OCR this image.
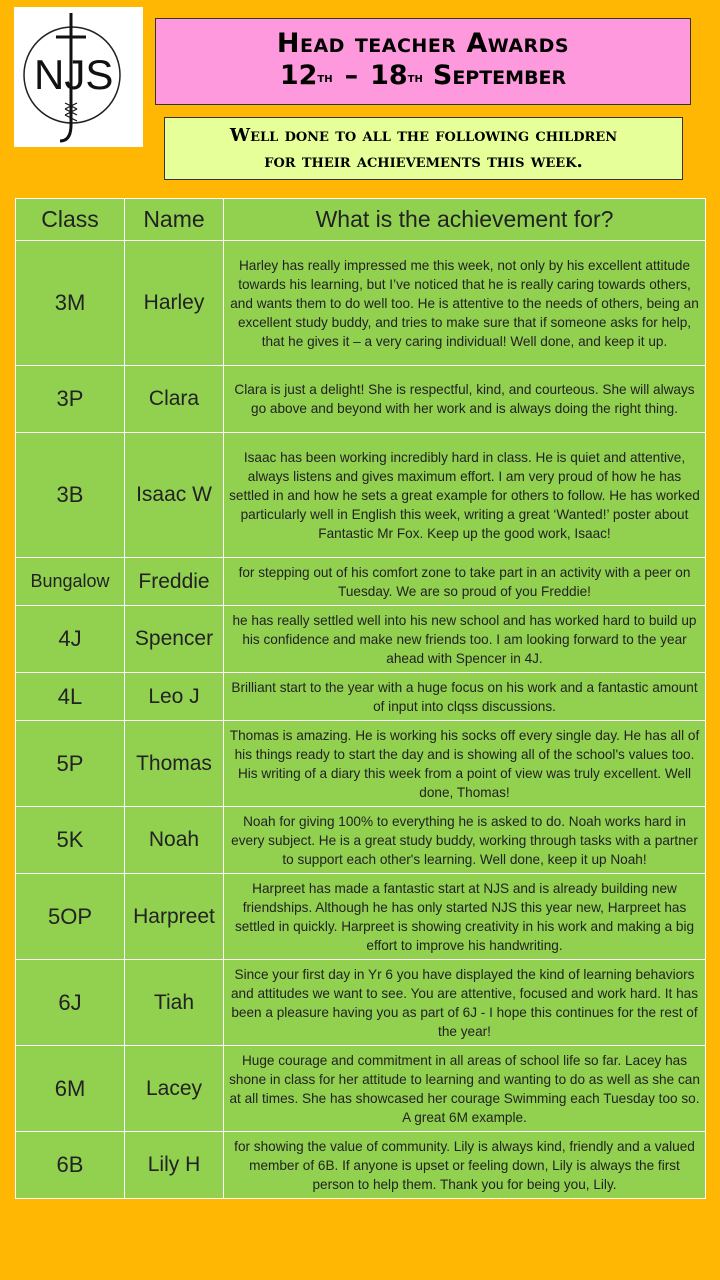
NJS
Head teacher Awards
12th – 18th September
Well done to all the following children
for their achievements this week.
Class	Name	What is the achievement for?
3M	Harley	Harley has really impressed me this week, not only by his excellent attitude towards his learning, but I’ve noticed that he is really caring towards others, and wants them to do well too. He is attentive to the needs of others, being an excellent study buddy, and tries to make sure that if someone asks for help, that he gives it – a very caring individual! Well done, and keep it up.
3P	Clara	Clara is just a delight! She is respectful, kind, and courteous. She will always go above and beyond with her work and is always doing the right thing.
3B	Isaac W	Isaac has been working incredibly hard in class. He is quiet and attentive, always listens and gives maximum effort. I am very proud of how he has settled in and how he sets a great example for others to follow. He has worked particularly well in English this week, writing a great ‘Wanted!’ poster about Fantastic Mr Fox. Keep up the good work, Isaac!
Bungalow	Freddie	for stepping out of his comfort zone to take part in an activity with a peer on Tuesday. We are so proud of you Freddie!
4J	Spencer	he has really settled well into his new school and has worked hard to build up his confidence and make new friends too. I am looking forward to the year ahead with Spencer in 4J.
4L	Leo J	Brilliant start to the year with a huge focus on his work and a fantastic amount of input into clqss discussions.
5P	Thomas	Thomas is amazing. He is working his socks off every single day. He has all of his things ready to start the day and is showing all of the school's values too. His writing of a diary this week from a point of view was truly excellent. Well done, Thomas!
5K	Noah	Noah for giving 100% to everything he is asked to do. Noah works hard in every subject. He is a great study buddy, working through tasks with a partner to support each other's learning. Well done, keep it up Noah!
5OP	Harpreet	Harpreet has made a fantastic start at NJS and is already building new friendships. Although he has only started NJS this year new, Harpreet has settled in quickly. Harpreet is showing creativity in his work and making a big effort to improve his handwriting.
6J	Tiah	Since your first day in Yr 6 you have displayed the kind of learning behaviors and attitudes we want to see. You are attentive, focused and work hard. It has been a pleasure having you as part of 6J - I hope this continues for the rest of the year!
6M	Lacey	Huge courage and commitment in all areas of school life so far. Lacey has shone in class for her attitude to learning and wanting to do as well as she can at all times. She has showcased her courage Swimming each Tuesday too so. A great 6M example.
6B	Lily H	for showing the value of community. Lily is always kind, friendly and a valued member of 6B. If anyone is upset or feeling down, Lily is always the first person to help them. Thank you for being you, Lily.
